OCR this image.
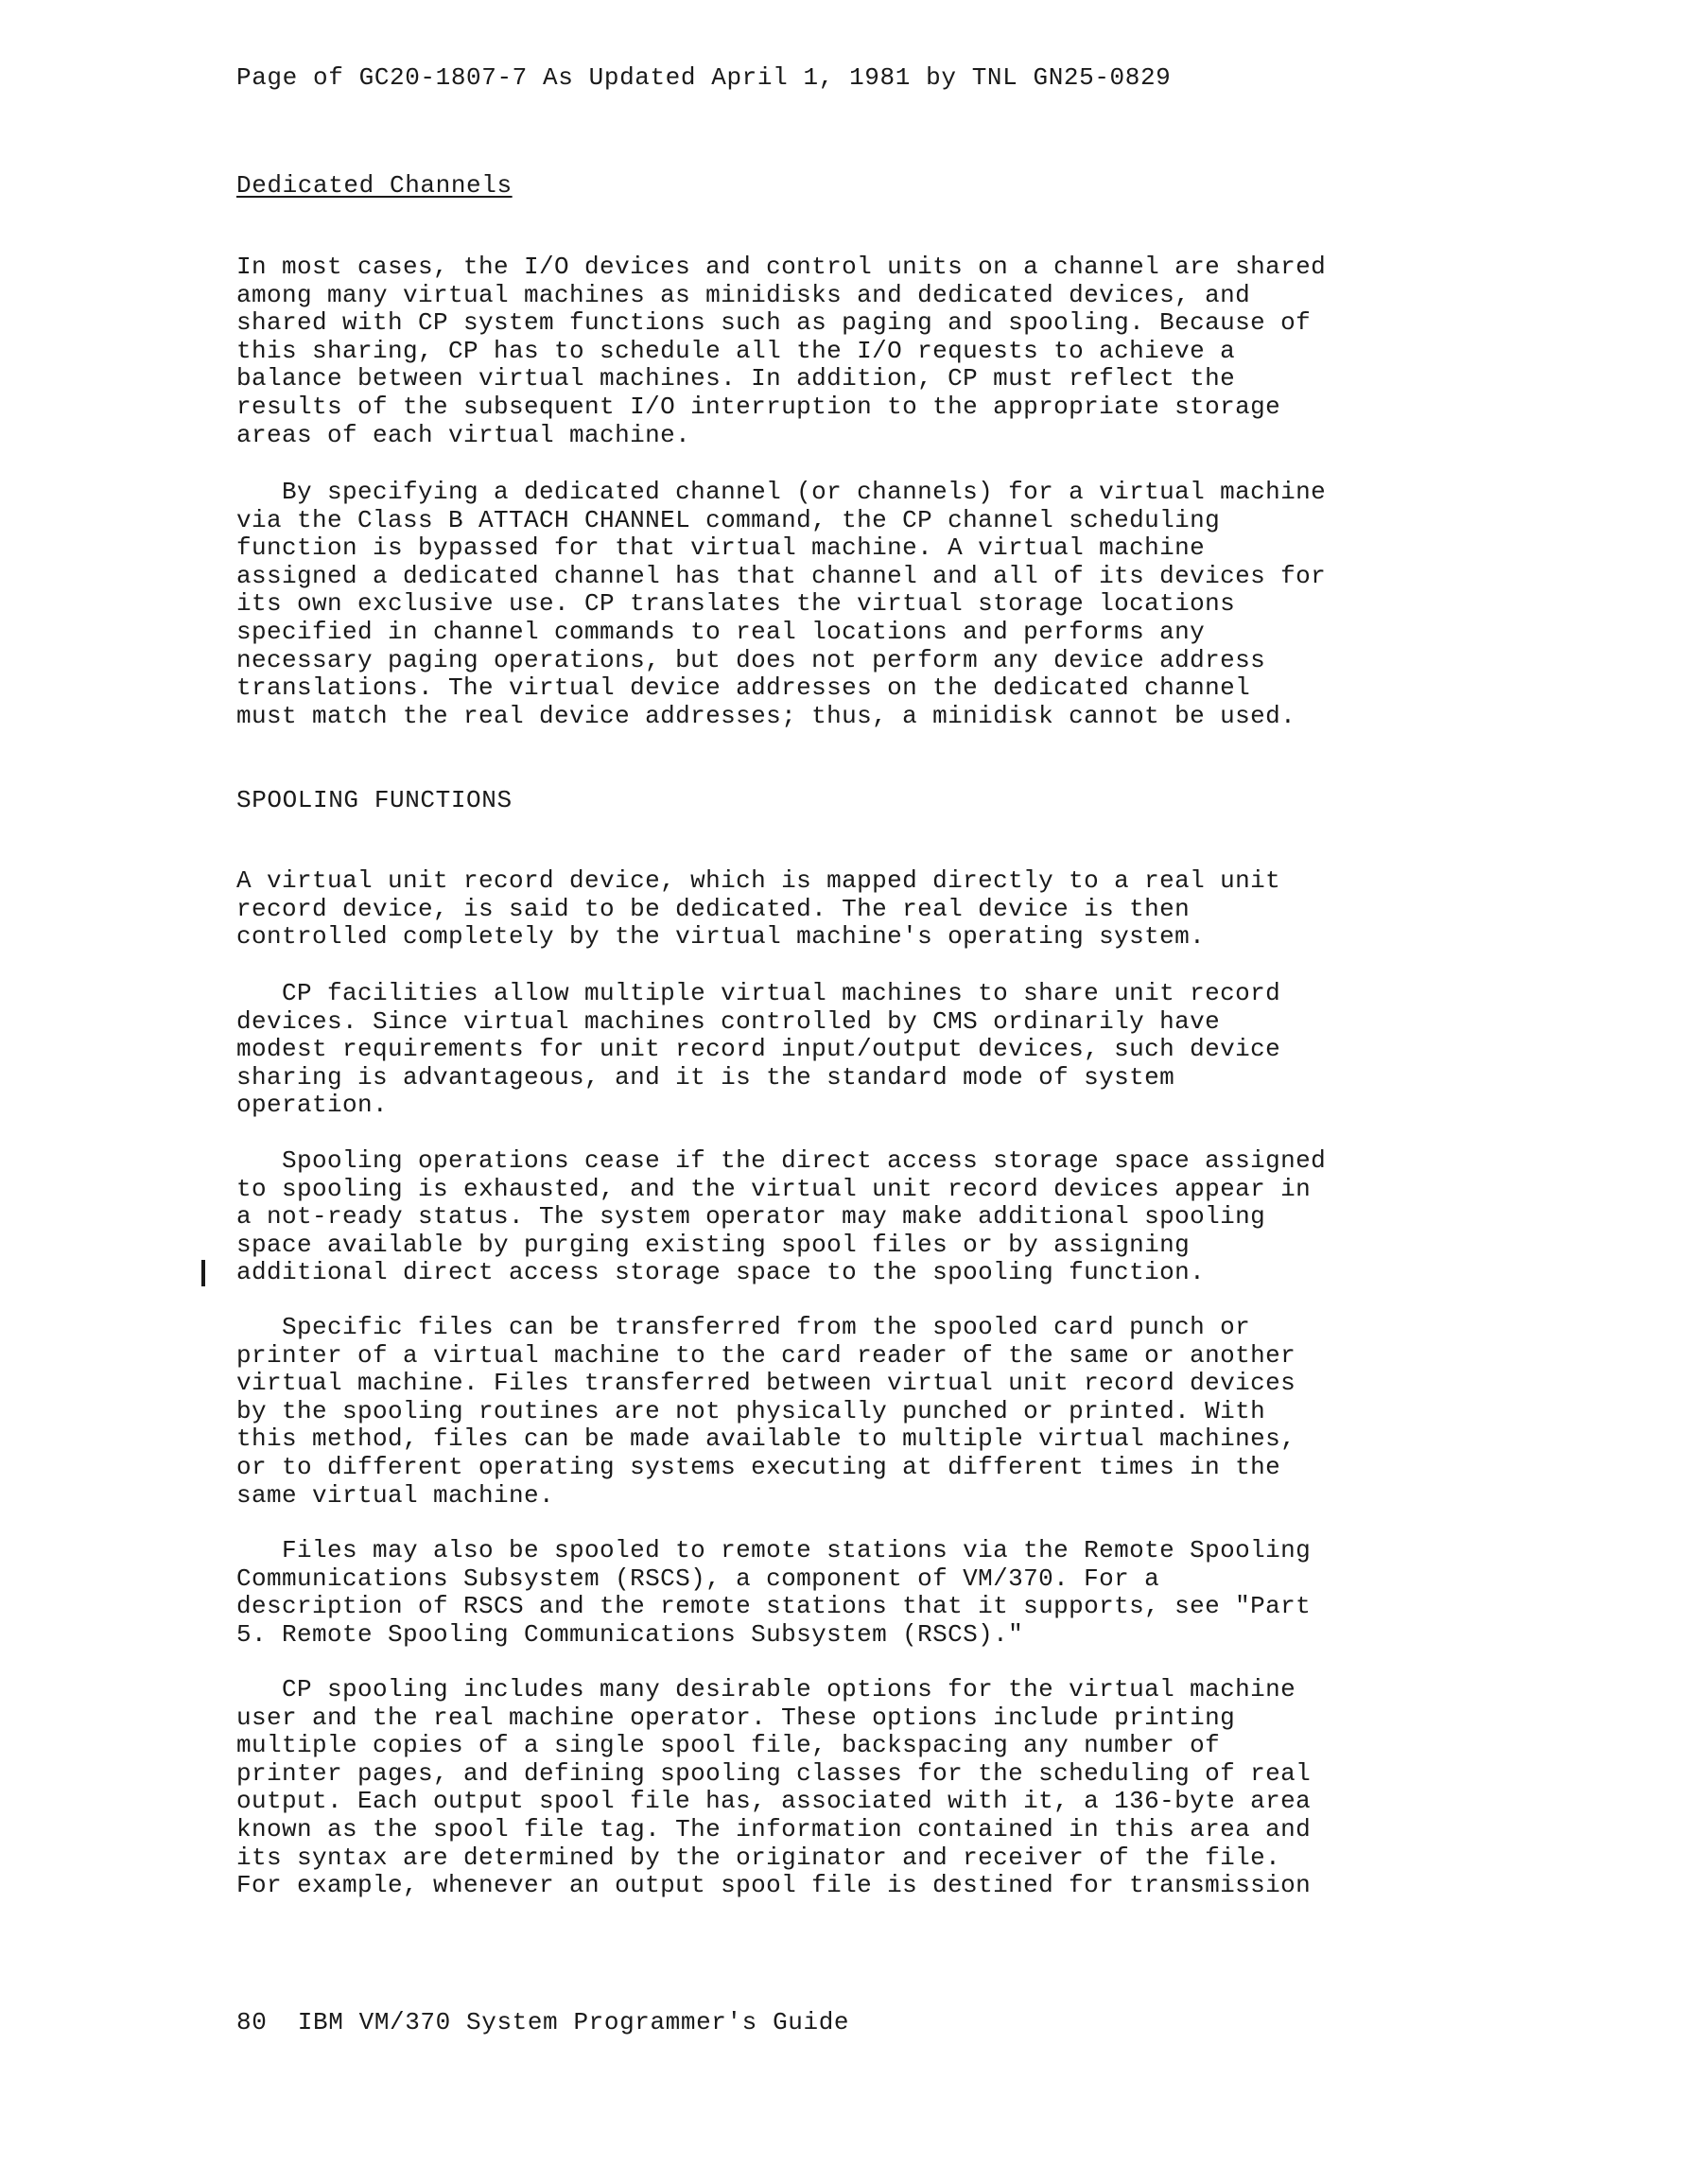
Page of GC20-1807-7 As Updated April 1, 1981 by TNL GN25-0829
Dedicated Channels
In most cases, the I/O devices and control units on a channel are shared
among many virtual machines as minidisks and dedicated devices, and
shared with CP system functions such as paging and spooling. Because of
this sharing, CP has to schedule all the I/O requests to achieve a
balance between virtual machines. In addition, CP must reflect the
results of the subsequent I/O interruption to the appropriate storage
areas of each virtual machine.
By specifying a dedicated channel (or channels) for a virtual machine
via the Class B ATTACH CHANNEL command, the CP channel scheduling
function is bypassed for that virtual machine. A virtual machine
assigned a dedicated channel has that channel and all of its devices for
its own exclusive use. CP translates the virtual storage locations
specified in channel commands to real locations and performs any
necessary paging operations, but does not perform any device address
translations. The virtual device addresses on the dedicated channel
must match the real device addresses; thus, a minidisk cannot be used.
SPOOLING FUNCTIONS
A virtual unit record device, which is mapped directly to a real unit
record device, is said to be dedicated. The real device is then
controlled completely by the virtual machine's operating system.
CP facilities allow multiple virtual machines to share unit record
devices. Since virtual machines controlled by CMS ordinarily have
modest requirements for unit record input/output devices, such device
sharing is advantageous, and it is the standard mode of system
operation.
Spooling operations cease if the direct access storage space assigned
to spooling is exhausted, and the virtual unit record devices appear in
a not-ready status. The system operator may make additional spooling
space available by purging existing spool files or by assigning
additional direct access storage space to the spooling function.
Specific files can be transferred from the spooled card punch or
printer of a virtual machine to the card reader of the same or another
virtual machine. Files transferred between virtual unit record devices
by the spooling routines are not physically punched or printed. With
this method, files can be made available to multiple virtual machines,
or to different operating systems executing at different times in the
same virtual machine.
Files may also be spooled to remote stations via the Remote Spooling
Communications Subsystem (RSCS), a component of VM/370. For a
description of RSCS and the remote stations that it supports, see "Part
5. Remote Spooling Communications Subsystem (RSCS)."
CP spooling includes many desirable options for the virtual machine
user and the real machine operator. These options include printing
multiple copies of a single spool file, backspacing any number of
printer pages, and defining spooling classes for the scheduling of real
output. Each output spool file has, associated with it, a 136-byte area
known as the spool file tag. The information contained in this area and
its syntax are determined by the originator and receiver of the file.
For example, whenever an output spool file is destined for transmission
80  IBM VM/370 System Programmer's Guide
